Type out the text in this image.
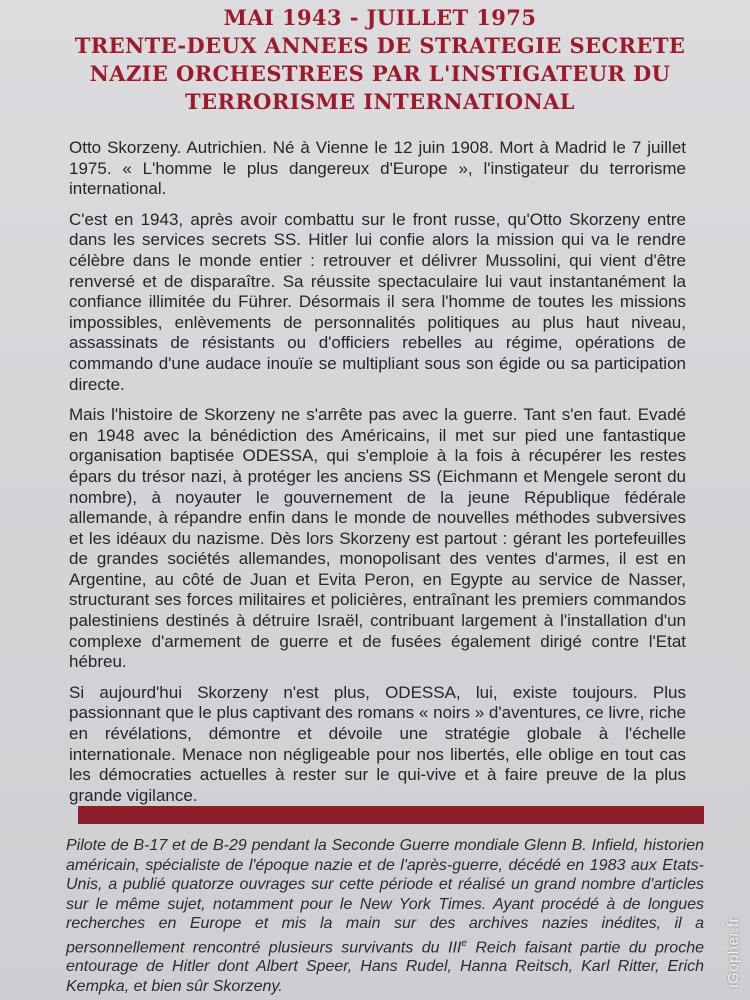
MAI 1943 - JUILLET 1975
TRENTE-DEUX ANNEES DE STRATEGIE SECRETE
NAZIE ORCHESTREES PAR L'INSTIGATEUR DU
TERRORISME INTERNATIONAL

Otto Skorzeny. Autrichien. Né à Vienne le 12 juin 1908. Mort à Madrid le 7 juillet 1975. « L'homme le plus dangereux d'Europe », l'instigateur du terrorisme international.

C'est en 1943, après avoir combattu sur le front russe, qu'Otto Skorzeny entre dans les services secrets SS. Hitler lui confie alors la mission qui va le rendre célèbre dans le monde entier : retrouver et délivrer Mussolini, qui vient d'être renversé et de disparaître. Sa réussite spectaculaire lui vaut instantanément la confiance illimitée du Führer. Désormais il sera l'homme de toutes les missions impossibles, enlèvements de personnalités politiques au plus haut niveau, assassinats de résistants ou d'officiers rebelles au régime, opérations de commando d'une audace inouïe se multipliant sous son égide ou sa participation directe.

Mais l'histoire de Skorzeny ne s'arrête pas avec la guerre. Tant s'en faut. Evadé en 1948 avec la bénédiction des Américains, il met sur pied une fantastique organisation baptisée ODESSA, qui s'emploie à la fois à récupérer les restes épars du trésor nazi, à protéger les anciens SS (Eichmann et Mengele seront du nombre), à noyauter le gouvernement de la jeune République fédérale allemande, à répandre enfin dans le monde de nouvelles méthodes subversives et les idéaux du nazisme. Dès lors Skorzeny est partout : gérant les portefeuilles de grandes sociétés allemandes, monopolisant des ventes d'armes, il est en Argentine, au côté de Juan et Evita Peron, en Egypte au service de Nasser, structurant ses forces militaires et policières, entraînant les premiers commandos palestiniens destinés à détruire Israël, contribuant largement à l'installation d'un complexe d'armement de guerre et de fusées également dirigé contre l'Etat hébreu.

Si aujourd'hui Skorzeny n'est plus, ODESSA, lui, existe toujours. Plus passionnant que le plus captivant des romans « noirs » d'aventures, ce livre, riche en révélations, démontre et dévoile une stratégie globale à l'échelle internationale. Menace non négligeable pour nos libertés, elle oblige en tout cas les démocraties actuelles à rester sur le qui-vive et à faire preuve de la plus grande vigilance.

Pilote de B-17 et de B-29 pendant la Seconde Guerre mondiale Glenn B. Infield, historien américain, spécialiste de l'époque nazie et de l'après-guerre, décédé en 1983 aux Etats-Unis, a publié quatorze ouvrages sur cette période et réalisé un grand nombre d'articles sur le même sujet, notamment pour le New York Times. Ayant procédé à de longues recherches en Europe et mis la main sur des archives nazies inédites, il a personnellement rencontré plusieurs survivants du IIIe Reich faisant partie du proche entourage de Hitler dont Albert Speer, Hans Rudel, Hanna Reitsch, Karl Ritter, Erich Kempka, et bien sûr Skorzeny.	iGopher.fr
